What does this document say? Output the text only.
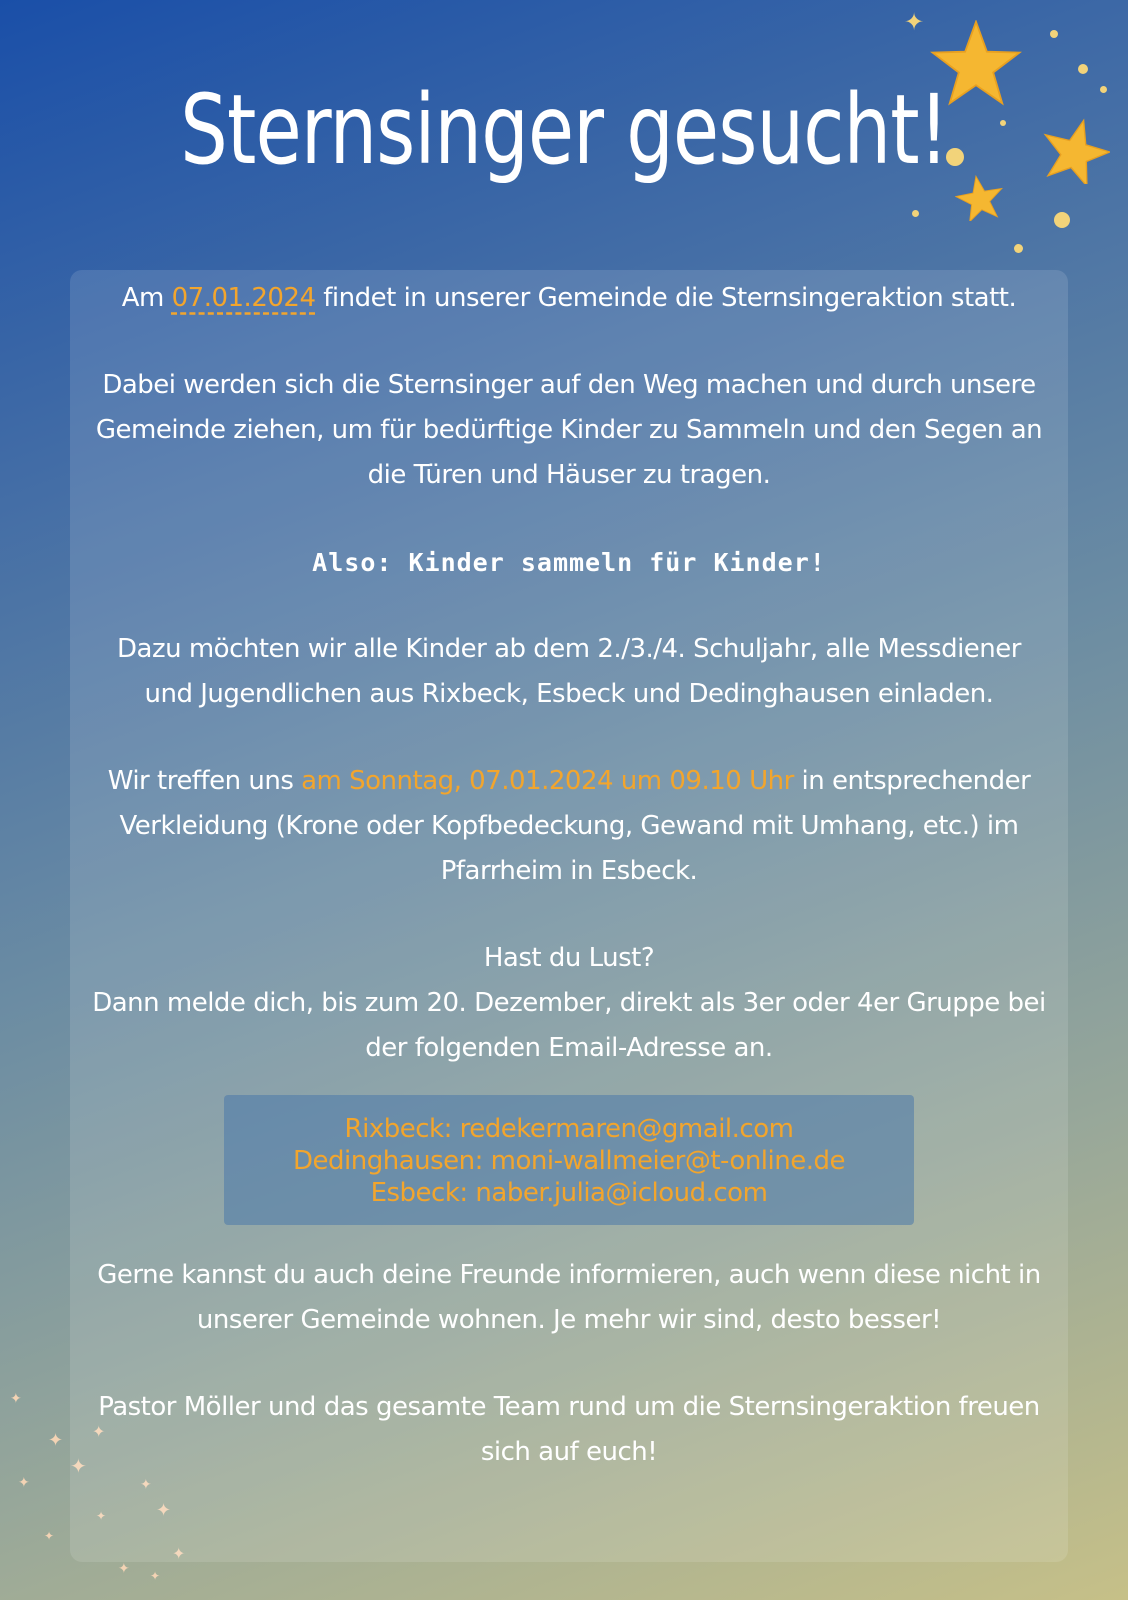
✦
✦
✦ ✦
✦
✦	✦
✦
✦
✦
✦
✦
✦
Sternsinger gesucht!

Am 07.01.2024 findet in unserer Gemeinde die Sternsingeraktion statt.

Dabei werden sich die Sternsinger auf den Weg machen und durch unsere

Gemeinde ziehen, um für bedürftige Kinder zu Sammeln und den Segen an

die Türen und Häuser zu tragen.

Also: Kinder sammeln für Kinder!

Dazu möchten wir alle Kinder ab dem 2./3./4. Schuljahr, alle Messdiener

und Jugendlichen aus Rixbeck, Esbeck und Dedinghausen einladen.

Wir treffen uns am Sonntag, 07.01.2024 um 09.10 Uhr in entsprechender

Verkleidung (Krone oder Kopfbedeckung, Gewand mit Umhang, etc.) im

Pfarrheim in Esbeck.

Hast du Lust?

Dann melde dich, bis zum 20. Dezember, direkt als 3er oder 4er Gruppe bei

der folgenden Email-Adresse an.

Rixbeck: redekermaren@gmail.com
Dedinghausen: moni-wallmeier@t-online.de
Esbeck: naber.julia@icloud.com

Gerne kannst du auch deine Freunde informieren, auch wenn diese nicht in

unserer Gemeinde wohnen. Je mehr wir sind, desto besser!

Pastor Möller und das gesamte Team rund um die Sternsingeraktion freuen

sich auf euch!
